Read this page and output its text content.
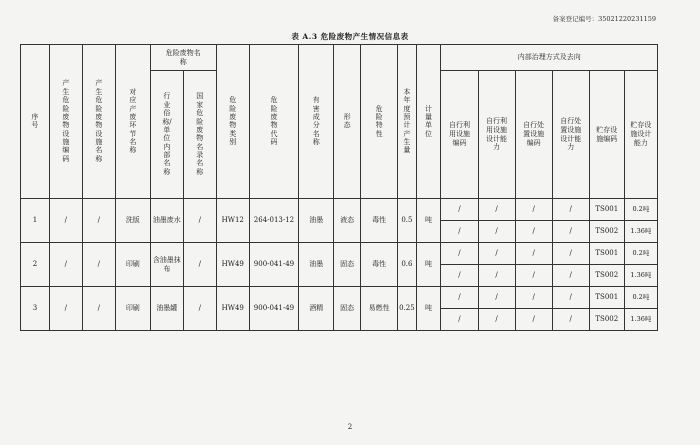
备案登记编号：35021220231159
表 A.3 危险废物产生情况信息表
序号	产生危险废物设施编码	产生危险废物设施名称	对应产废环节名称	危险废物名称		危险废物类别	危险废物代码	有害成分名称	形态	危险特性	本年度预计产生量	计量单位	内部治理方式及去向					
				行业俗称/单位内部名称	国家危险废物名录名称								自行利用设施编码	自行利用设施设计能力	自行处置设施编码	自行处置设施设计能力	贮存设施编码	贮存设施设计能力
1	/	/	洗版	油墨废水	/	HW12	264-013-12	油墨	液态	毒性	0.5	吨	/	/	/	/	TS001	0.2吨
													/	/	/	/	TS002	1.36吨
2	/	/	印刷	含油墨抹布	/	HW49	900-041-49	油墨	固态	毒性	0.6	吨	/	/	/	/	TS001	0.2吨
													/	/	/	/	TS002	1.36吨
3	/	/	印刷	油墨罐	/	HW49	900-041-49	酒精	固态	易燃性	0.25	吨	/	/	/	/	TS001	0.2吨
													/	/	/	/	TS002	1.36吨
2
